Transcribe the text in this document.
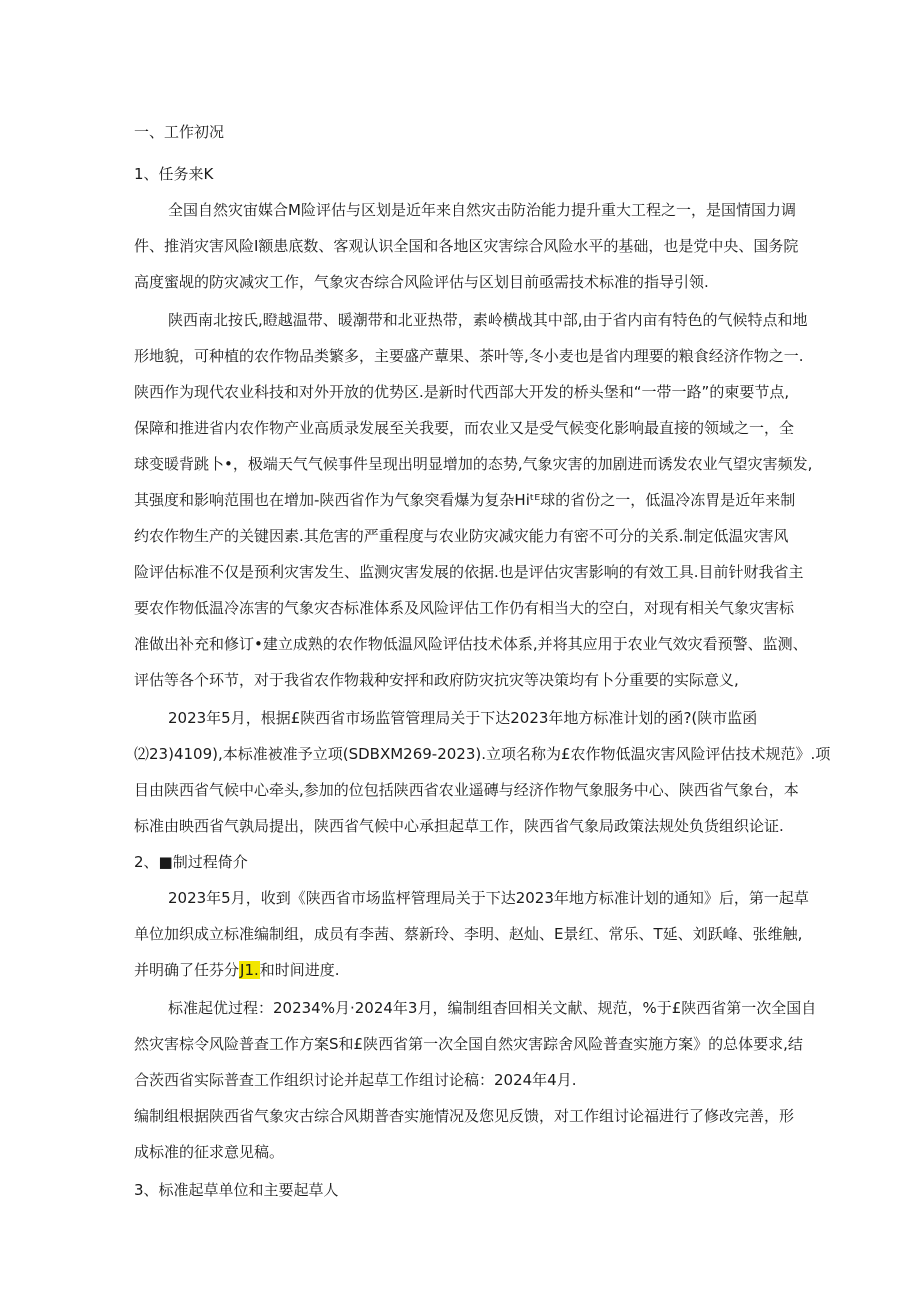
一、工作初况
1、任务来K
全国自然灾宙媒合M险评估与区划是近年来自然灾击防治能力提升重大工程之一，是国情国力调
件、推消灾害风险I额患底数、客观认识全国和各地区灾害综合风险水平的基础，也是党中央、国务院
高度蜜觇的防灾减灾工作，气象灾杏综合风险评估与区划目前亟需技术标准的指导引领.
陕西南北按氏,瞪越温带、暖潮带和北亚热带，素岭横战其中部,由于省内亩有特色的气候特点和地
形地貌，可种植的农作物品类繁多，主要盛产蕈果、茶叶等,冬小麦也是省内理要的粮食经济作物之一.
陕西作为现代农业科技和对外开放的优势区.是新时代西部大开发的桥头堡和“一带一路”的柬要节点,
保障和推进省内农作物产业高质录发展至关我要，而农业又是受气候变化影响最直接的领域之一，全
球变暖背跳卜•，极端天气气候事件呈现出明显增加的态势,气象灾害的加剧进而诱发农业气望灾害频发,
其强度和影响范围也在增加-陕西省作为气象突看爆为复杂Hiᵗᴱ球的省份之一，低温冷冻胃是近年来制
约农作物生产的关键因素.其危害的严重程度与农业防灾减灾能力有密不可分的关系.制定低温灾害风
险评估标准不仅是预利灾害发生、监测灾害发展的依据.也是评估灾害影响的有效工具.目前针财我省主
要农作物低温冷冻害的气象灾杏标准体系及风险评估工作仍有相当大的空白，对现有相关气象灾害标
准做出补充和修订•建立成熟的农作物低温风险评估技术体系,并将其应用于农业气效灾看预警、监测、
评估等各个环节，对于我省农作物栽种安抨和政府防灾抗灾等决策均有卜分重要的实际意义,
2023年5月，根据£陕西省市场监管管理局关于下达2023年地方标准计划的函?(陕市监函
⑵23)4109),本标准被准予立项(SDBXM269-2023).立项名称为£农作物低温灾害风险评估技术规范》.项
目由陕西省气候中心牵头,参加的位包括陕西省农业遥磚与经济作物气象服务中心、陕西省气象台，本
标准由映西省气孰局提出，陕西省气候中心承担起草工作，陕西省气象局政策法规处负货组织论证.
2、■制过程倚介
2023年5月，收到《陕西省市场监枰管理局关于下达2023年地方标准计划的通知》后，第一起草
单位加织成立标准编制组，成员有李茜、蔡新玲、李明、赵灿、E景红、常乐、T延、刘跃峰、张维触,
并明确了任芬分J1.和时间进度.
标准起优过程：20234%月·2024年3月，编制组杳回相关文献、规范，%于£陕西省第一次全国自
然灾害棕令风险普查工作方案S和£陕西省第一次全国自然灾害踪舍风险普查实施方案》的总体要求,结
合茨西省实际普查工作组织讨论并起草工作组讨论稿：2024年4月.
编制组根据陕西省气象灾古综合风期普杳实施情况及您见反馈，对工作组讨论福进行了修改完善，形
成标准的征求意见稿。
3、标准起草单位和主要起草人
